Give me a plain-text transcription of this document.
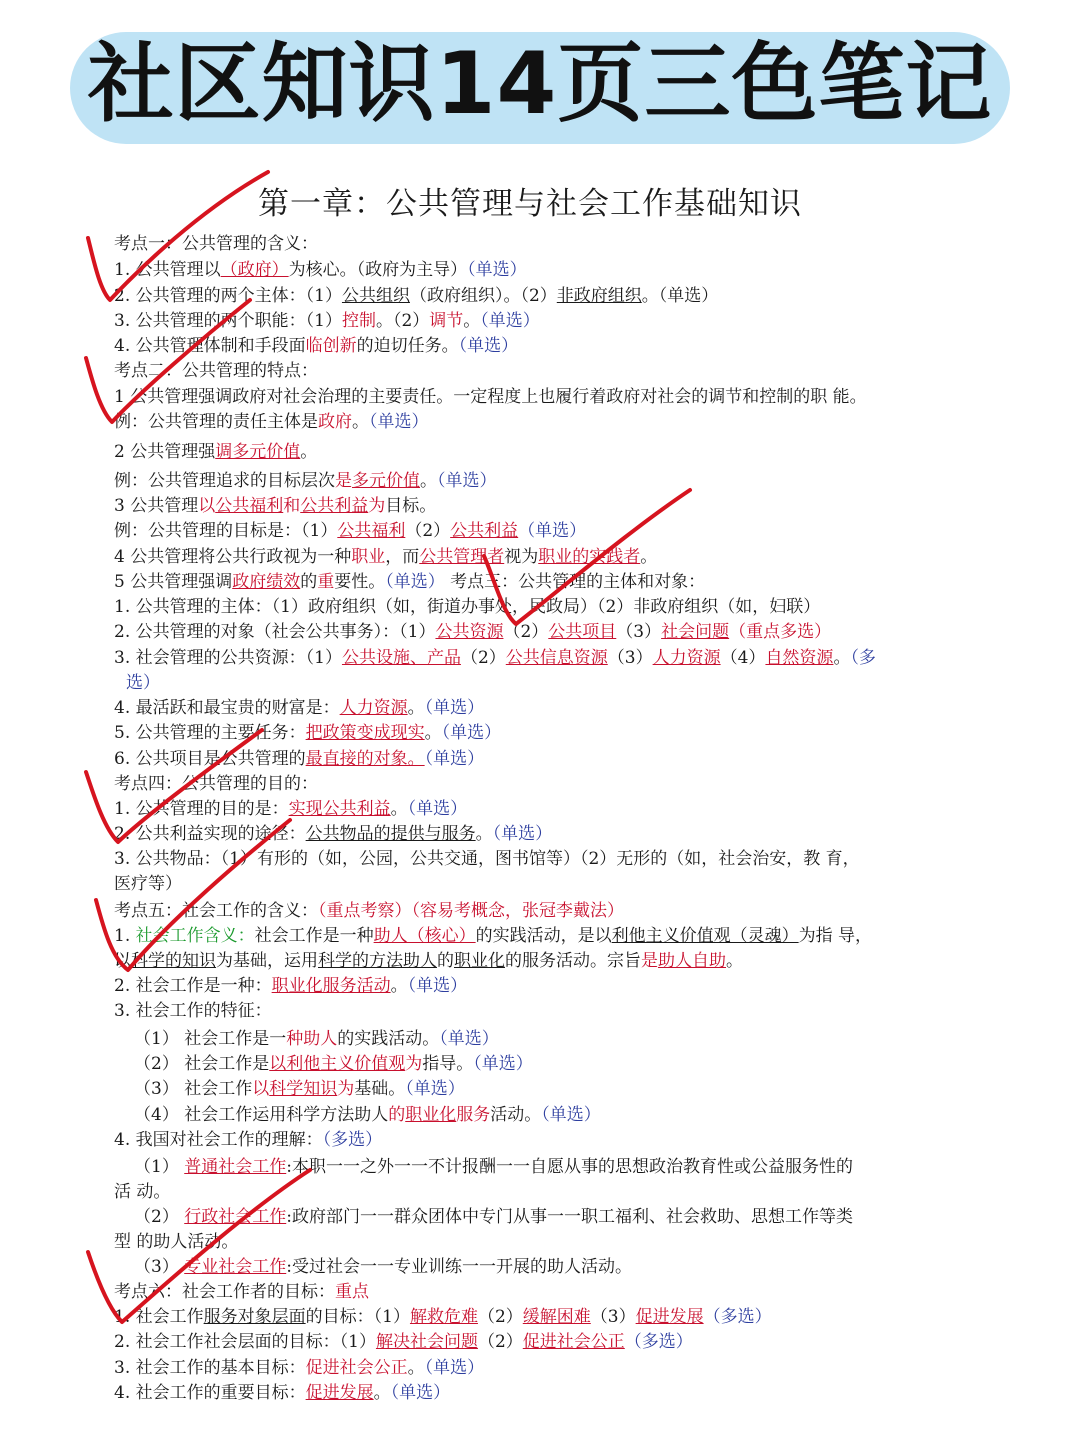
社区知识14页三色笔记
第一章：公共管理与社会工作基础知识
考点一：公共管理的含义：
1. 公共管理以（政府）为核心。（政府为主导）（单选）
2. 公共管理的两个主体：（1）公共组织（政府组织）。（2）非政府组织。（单选）
3. 公共管理的两个职能：（1）控制。（2）调节。（单选）
4. 公共管理体制和手段面临创新的迫切任务。（单选）
考点二：公共管理的特点：
1 公共管理强调政府对社会治理的主要责任。一定程度上也履行着政府对社会的调节和控制的职 能。
例：公共管理的责任主体是政府。（单选）
2 公共管理强调多元价值。
例：公共管理追求的目标层次是多元价值。（单选）
3 公共管理以公共福利和公共利益为目标。
例：公共管理的目标是：（1）公共福利（2）公共利益（单选）
4 公共管理将公共行政视为一种职业，而公共管理者视为职业的实践者。
5 公共管理强调政府绩效的重要性。（单选） 考点三：公共管理的主体和对象：
1. 公共管理的主体：（1）政府组织（如，街道办事处，民政局）（2）非政府组织（如，妇联）
2. 公共管理的对象（社会公共事务）：（1）公共资源（2）公共项目（3）社会问题（重点多选）
3. 社会管理的公共资源：（1）公共设施、产品（2）公共信息资源（3）人力资源（4）自然资源。（多
选）
4. 最活跃和最宝贵的财富是：人力资源。（单选）
5. 公共管理的主要任务：把政策变成现实。（单选）
6. 公共项目是公共管理的最直接的对象。（单选）
考点四：公共管理的目的：
1. 公共管理的目的是：实现公共利益。（单选）
2. 公共利益实现的途径：公共物品的提供与服务。（单选）
3. 公共物品：（1）有形的（如，公园，公共交通，图书馆等）（2）无形的（如，社会治安，教 育，
医疗等）
考点五：社会工作的含义：（重点考察）（容易考概念，张冠李戴法）
1. 社会工作含义：社会工作是一种助人（核心）的实践活动，是以利他主义价值观（灵魂）为指 导，
以科学的知识为基础，运用科学的方法助人的职业化的服务活动。宗旨是助人自助。
2. 社会工作是一种：职业化服务活动。（单选）
3. 社会工作的特征：
（1） 社会工作是一种助人的实践活动。（单选）
（2） 社会工作是以利他主义价值观为指导。（单选）
（3） 社会工作以科学知识为基础。（单选）
（4） 社会工作运用科学方法助人的职业化服务活动。（单选）
4. 我国对社会工作的理解：（多选）
（1） 普通社会工作:本职一一之外一一不计报酬一一自愿从事的思想政治教育性或公益服务性的
活 动。
（2） 行政社会工作:政府部门一一群众团体中专门从事一一职工福利、社会救助、思想工作等类
型 的助人活动。
（3） 专业社会工作:受过社会一一专业训练一一开展的助人活动。
考点六：社会工作者的目标：重点
1. 社会工作服务对象层面的目标：（1）解救危难（2）缓解困难（3）促进发展（多选）
2. 社会工作社会层面的目标：（1）解决社会问题（2）促进社会公正（多选）
3. 社会工作的基本目标：促进社会公正。（单选）
4. 社会工作的重要目标：促进发展。（单选）
